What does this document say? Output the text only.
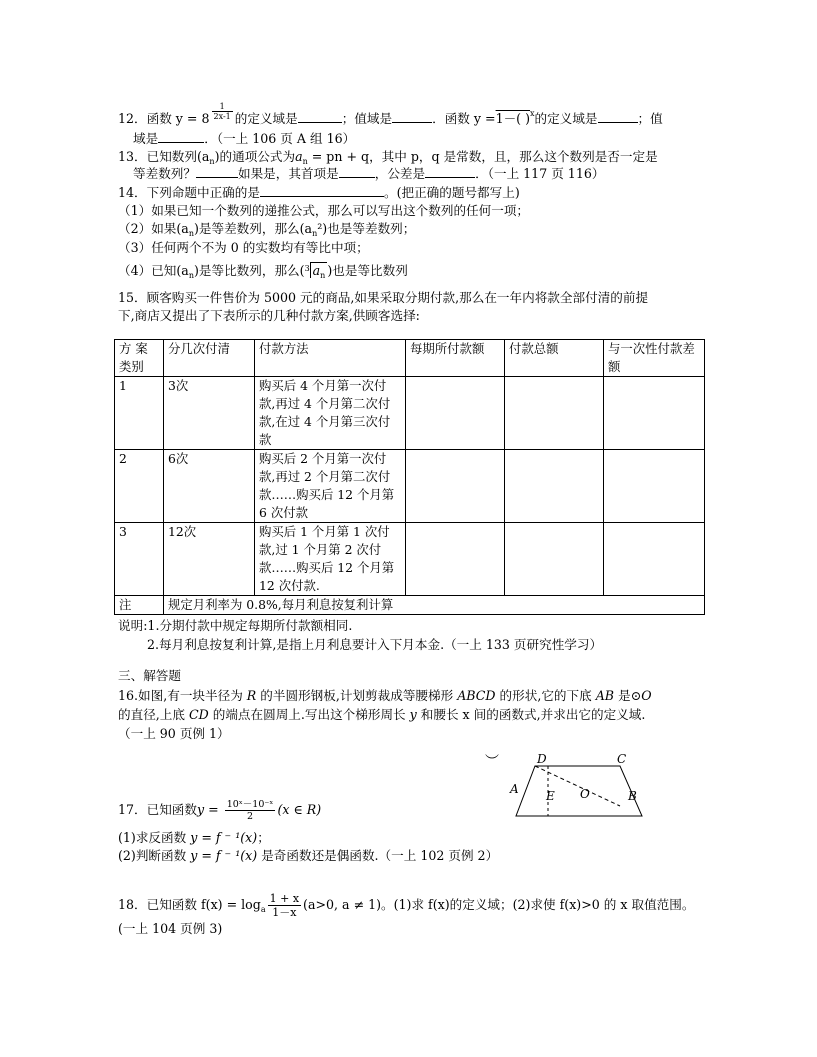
12．函数 $y = 8 \frac{1}{2x-1}$ 的定义域是	；值域是	．函数 y =1－( )$^x$的定义域是	；值
域是	．（一上 106 页 A 组 16）
13．已知数列$(a_n)$的通项公式为$a_n$ = pn + q，其中 p，q 是常数，且，那么这个数列是否一定是
等差数列？	如果是，其首项是	，公差是	．（一上 117 页 116）
14．下列命题中正确的是	。(把正确的题号都写上)
（1）如果已知一个数列的递推公式，那么可以写出这个数列的任何一项；
（2）如果$(a_n)$是等差数列，那么$(a_n^2)$也是等差数列；
（3）任何两个不为 0 的实数均有等比中项；
（4）已知$(a_n)$是等比数列，那么($^3$ $a_n$ )也是等比数列
15．顾客购买一件售价为 5000 元的商品,如果采取分期付款,那么在一年内将款全部付清的前提
下,商店又提出了下表所示的几种付款方案,供顾客选择:
方 案类别	分几次付清	付款方法	每期所付款额	付款总额	与一次性付款差额
1	3次	购买后 4 个月第一次付款,再过 4 个月第二次付款,在过 4 个月第三次付款			
2	6次	购买后 2 个月第一次付款,再过 2 个月第二次付款……购买后 12 个月第 6 次付款			
3	12次	购买后 1 个月第 1 次付款,过 1 个月第 2 次付款……购买后 12 个月第 12 次付款.			
注	规定月利率为 0.8%,每月利息按复利计算				
说明:1.分期付款中规定每期所付款额相同.
2.每月利息按复利计算,是指上月利息要计入下月本金.（一上 133 页研究性学习）
三、解答题
16.如图,有一块半径为 R 的半圆形钢板,计划剪裁成等腰梯形 ABCD 的形状,它的下底 AB 是⊙O
的直径,上底 CD 的端点在圆周上.写出这个梯形周长 y 和腰长 x 间的函数式,并求出它的定义域.
（一上 90 页例 1）
︶	D	C
A	B
E O
17．已知函数$y = \frac{\text{10ˣ－10⁻ˣ}}{2} (x$ ∈ R)
(1)求反函数 y = f ⁻ ¹(x)；
(2)判断函数 y = f ⁻ ¹(x) 是奇函数还是偶函数.（一上 102 页例 2）
18．已知函数 $f(x) = \log_a \frac{1 + x}{1-x} (a>0$, a ≠ 1)。(1)求 f(x)的定义域；(2)求使 f(x)>0 的 x 取值范围。
(一上 104 页例 3)
